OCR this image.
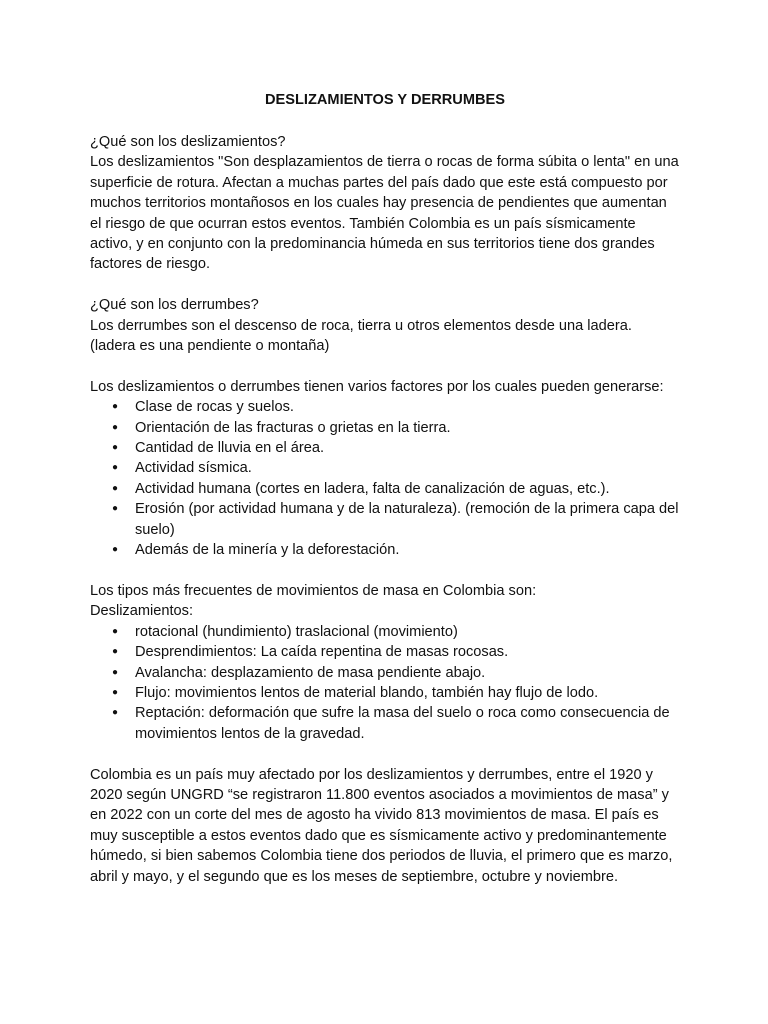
DESLIZAMIENTOS Y DERRUMBES

¿Qué son los deslizamientos?

Los deslizamientos "Son desplazamientos de tierra o rocas de forma súbita o lenta" en una superficie de rotura. Afectan a muchas partes del país dado que este está compuesto por muchos territorios montañosos en los cuales hay presencia de pendientes que aumentan el riesgo de que ocurran estos eventos. También Colombia es un país sísmicamente activo, y en conjunto con la predominancia húmeda en sus territorios tiene dos grandes factores de riesgo.

¿Qué son los derrumbes?

Los derrumbes son el descenso de roca, tierra u otros elementos desde una ladera.

(ladera es una pendiente o montaña)

Los deslizamientos o derrumbes tienen varios factores por los cuales pueden generarse:

● Clase de rocas y suelos.
● Orientación de las fracturas o grietas en la tierra.
● Cantidad de lluvia en el área.
● Actividad sísmica.
● Actividad humana (cortes en ladera, falta de canalización de aguas, etc.).
● Erosión (por actividad humana y de la naturaleza). (remoción de la primera capa del suelo)
● Además de la minería y la deforestación.

Los tipos más frecuentes de movimientos de masa en Colombia son:

Deslizamientos:

● rotacional (hundimiento) traslacional (movimiento)
● Desprendimientos: La caída repentina de masas rocosas.
● Avalancha: desplazamiento de masa pendiente abajo.
● Flujo: movimientos lentos de material blando, también hay flujo de lodo.
● Reptación: deformación que sufre la masa del suelo o roca como consecuencia de movimientos lentos de la gravedad.

Colombia es un país muy afectado por los deslizamientos y derrumbes, entre el 1920 y 2020 según UNGRD “se registraron 11.800 eventos asociados a movimientos de masa” y en 2022 con un corte del mes de agosto ha vivido 813 movimientos de masa. El país es muy susceptible a estos eventos dado que es sísmicamente activo y predominantemente húmedo, si bien sabemos Colombia tiene dos periodos de lluvia, el primero que es marzo, abril y mayo, y el segundo que es los meses de septiembre, octubre y noviembre.
